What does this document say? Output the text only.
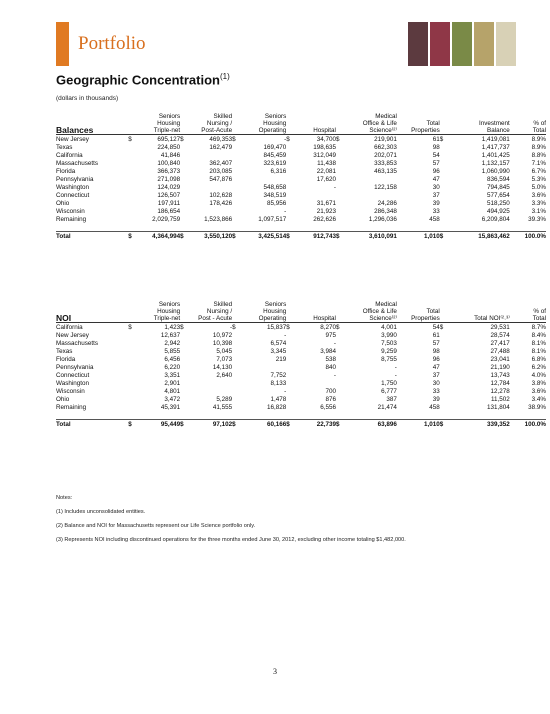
Portfolio
Geographic Concentration$^{(1)}$
(dollars in thousands)
		Seniors		Skilled		Seniors				Medical				
		Housing		Nursing /		Housing				Office & Life	Total		Investment	% of
Balances		Triple-net		Post-Acute		Operating		Hospital		Science⁽²⁾	Properties		Balance	Total
New Jersey	$	695,127	$	469,353	$	-	$	34,700	$	219,901	61	$	1,419,081	8.9%
Texas		224,850		162,479		169,470		198,635		662,303	98		1,417,737	8.9%
California		41,846				845,459		312,049		202,071	54		1,401,425	8.8%
Massachusetts		100,840		362,407		323,619		11,438		333,853	57		1,132,157	7.1%
Florida		366,373		203,085		6,316		22,081		463,135	96		1,060,990	6.7%
Pennsylvania		271,098		547,876				17,620			47		836,594	5.3%
Washington		124,029				548,658		-		122,158	30		794,845	5.0%
Connecticut		126,507		102,628		348,519					37		577,654	3.6%
Ohio		197,911		178,426		85,956		31,671		24,286	39		518,250	3.3%
Wisconsin		186,654				-		21,923		286,348	33		494,925	3.1%
Remaining		2,029,759		1,523,866		1,097,517		262,626		1,296,036	458		6,209,804	39.3%

Total	$	4,364,994	$	3,550,120	$	3,425,514	$	912,743	$	3,610,091	1,010	$	15,863,462	100.0%
		Seniors		Skilled		Seniors				Medical				
		Housing		Nursing /		Housing				Office & Life	Total			% of
NOI		Triple-net		Post - Acute		Operating		Hospital		Science⁽²⁾	Properties		Total NOI⁽²˒³⁾	Total
California	$	1,423	$	-	$	15,837	$	8,270	$	4,001	54	$	29,531	8.7%
New Jersey		12,637		10,972		-		975		3,990	61		28,574	8.4%
Massachusetts		2,942		10,398		6,574		-		7,503	57		27,417	8.1%
Texas		5,855		5,045		3,345		3,984		9,259	98		27,488	8.1%
Florida		6,456		7,073		219		538		8,755	96		23,041	6.8%
Pennsylvania		6,220		14,130				840		-	47		21,190	6.2%
Connecticut		3,351		2,640		7,752		-		-	37		13,743	4.0%
Washington		2,901				8,133				1,750	30		12,784	3.8%
Wisconsin		4,801				-		700		6,777	33		12,278	3.6%
Ohio		3,472		5,289		1,478		876		387	39		11,502	3.4%
Remaining		45,391		41,555		16,828		6,556		21,474	458		131,804	38.9%

Total	$	95,449	$	97,102	$	60,166	$	22,739	$	63,896	1,010	$	339,352	100.0%
Notes:
(1) Includes unconsolidated entities.
(2) Balance and NOI for Massachusetts represent our Life Science portfolio only.
(3) Represents NOI including discontinued operations for the three months ended June 30, 2012, excluding other income totaling $1,482,000.
3
